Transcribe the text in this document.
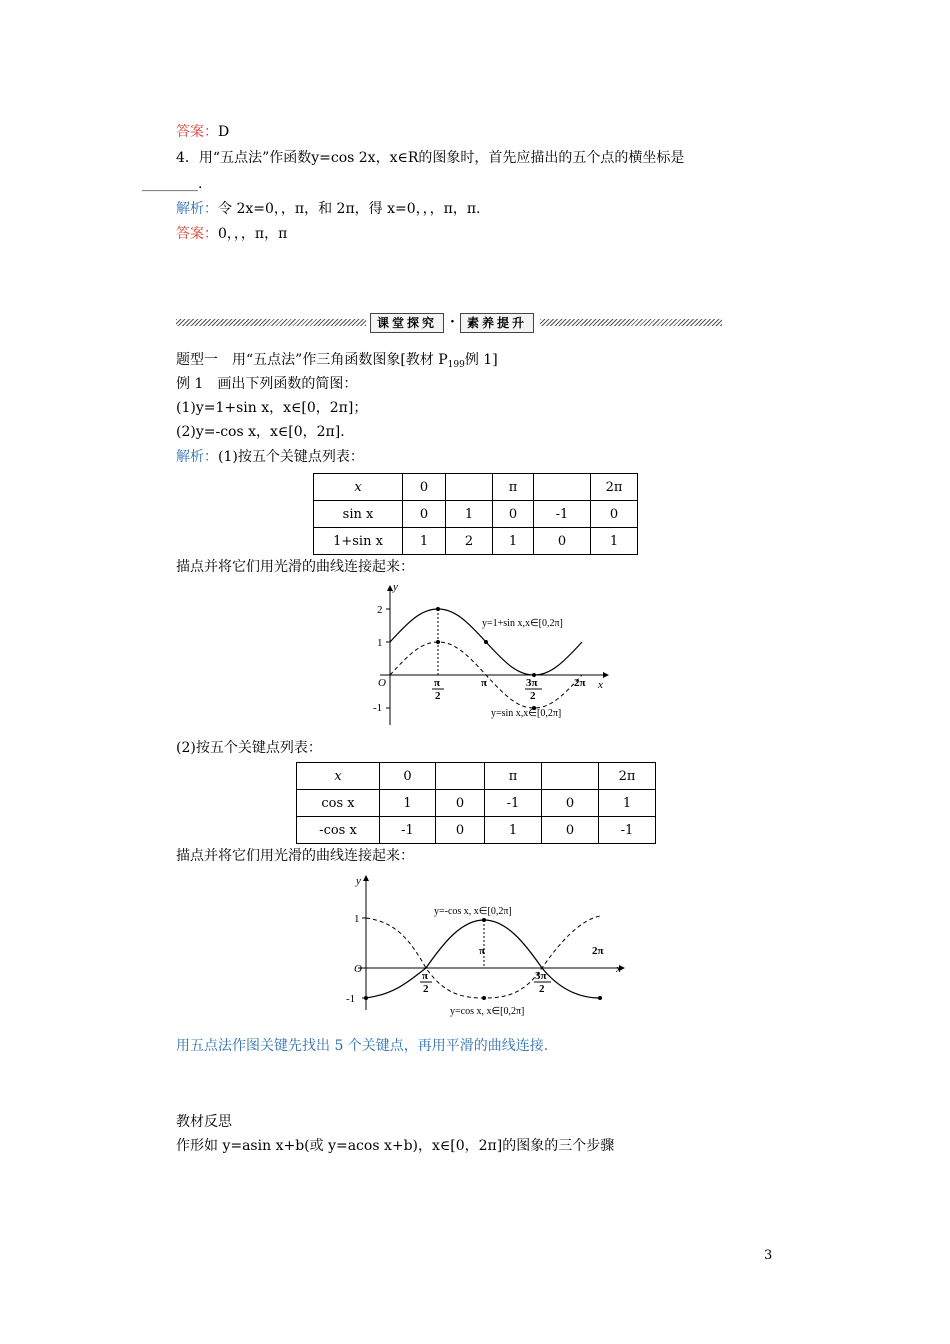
答案：D
4．用“五点法”作函数y=cos 2x，x∈R的图象时，首先应描出的五个点的横坐标是
________.
解析：令 2x=0，，π，和 2π，得 x=0，，，π，π.
答案：0，，，π，π
课堂探究 ·	素养提升
题型一　用“五点法”作三角函数图象[教材 $P_{199}$例 1]
例 1　画出下列函数的简图：
(1)y=1+sin x，x∈[0，2π]；
(2)y=-cos x，x∈[0，2π].
解析：(1)按五个关键点列表：
x	0		π		2π
sin x	0	1	0	-1	0
1+sin x	1	2	1	0	1
描点并将它们用光滑的曲线连接起来：
y
x
O
2
1
-1
π
2
π	3π
2
2π
y=1+sin x,x∈[0,2π]
y=sin x,x∈[0,2π]
(2)按五个关键点列表：
x	0		π		2π
cos x	1	0	-1	0	1
-cos x	-1	0	1	0	-1
描点并将它们用光滑的曲线连接起来：
y
x
O
1
-1
π
2
π
3π
2
2π
y=-cos x, x∈[0,2π]
y=cos x, x∈[0,2π]
用五点法作图关键先找出 5 个关键点，再用平滑的曲线连接.
教材反思
作形如 y=asin x+b(或 y=acos x+b)，x∈[0，2π]的图象的三个步骤
3
